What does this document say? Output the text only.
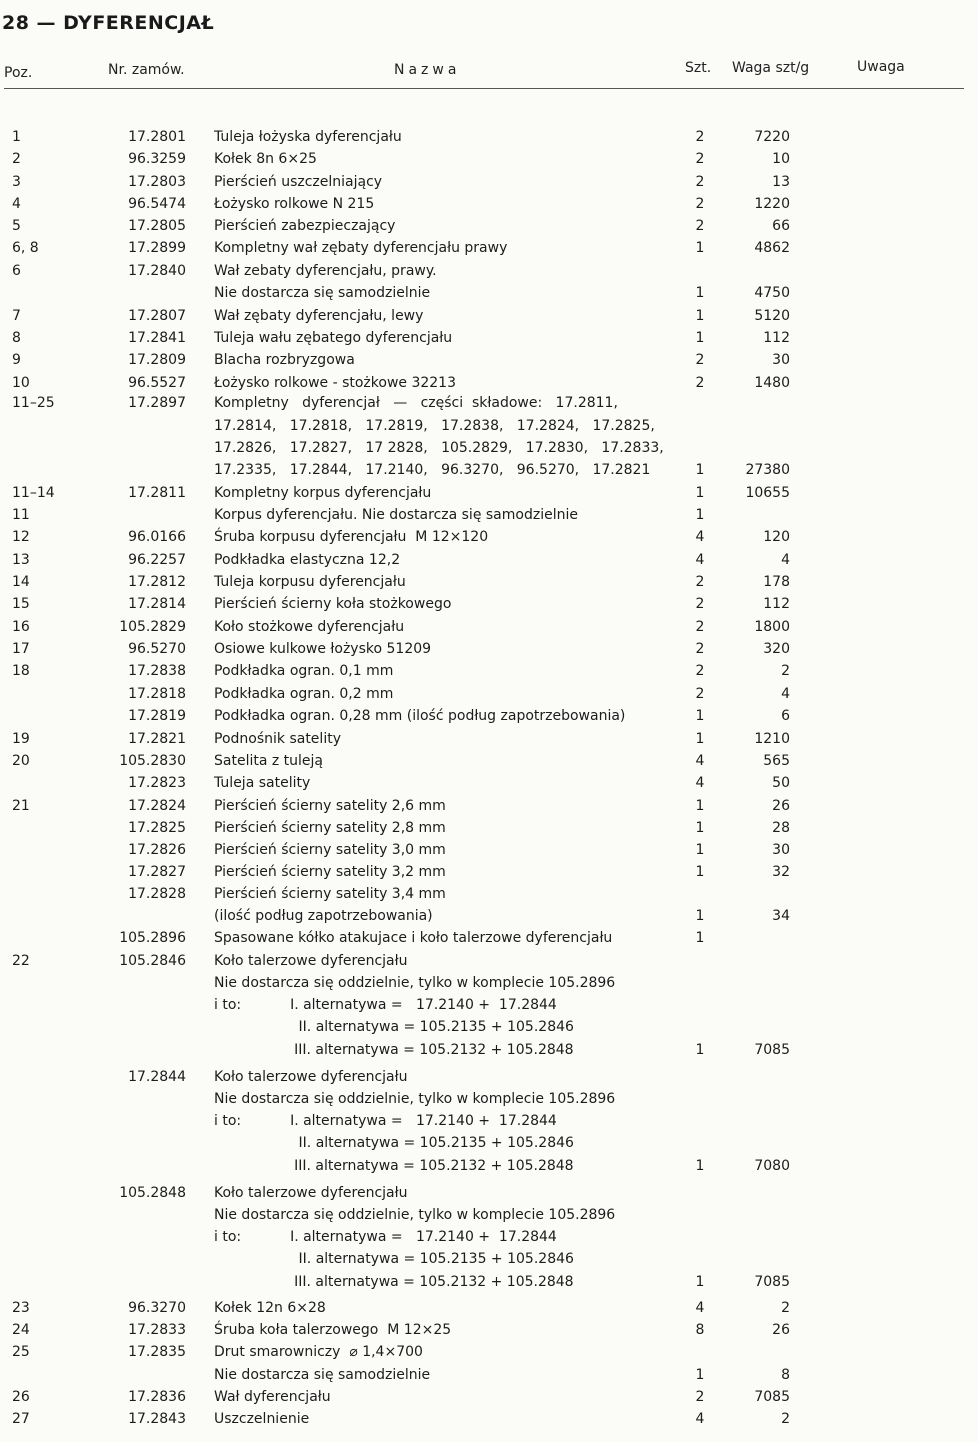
28 — DYFERENCJAŁ
Poz.	Nr. zamów.	Nazwa	Szt. Waga szt/g	Uwaga
1	17.2801 Tuleja łożyska dyferencjału	2	7220
2	96.3259 Kołek 8n 6×25	2	10
3	17.2803 Pierścień uszczelniający	2	13
4	96.5474 Łożysko rolkowe N 215	2	1220
5	17.2805 Pierścień zabezpieczający	2	66
6, 8	17.2899 Kompletny wał zębaty dyferencjału prawy	1	4862
6	17.2840 Wał zebaty dyferencjału, prawy.
Nie dostarcza się samodzielnie	1	4750
7	17.2807 Wał zębaty dyferencjału, lewy	1	5120
8	17.2841 Tuleja wału zębatego dyferencjału	1	112
9	17.2809 Blacha rozbryzgowa	2	30
10	96.5527 Łożysko rolkowe - stożkowe 32213	2	1480
11–25	17.2897 Kompletny   dyferencjał   —   części  składowe:   17.2811,
17.2814,   17.2818,   17.2819,   17.2838,   17.2824,   17.2825,
17.2826,   17.2827,   17 2828,   105.2829,   17.2830,   17.2833,
17.2335,   17.2844,   17.2140,   96.3270,   96.5270,   17.2821	1	27380
11–14	17.2811 Kompletny korpus dyferencjału	1	10655
11	Korpus dyferencjału. Nie dostarcza się samodzielnie	1
12	96.0166 Śruba korpusu dyferencjału  M 12×120	4	120
13	96.2257 Podkładka elastyczna 12,2	4	4
14	17.2812 Tuleja korpusu dyferencjału	2	178
15	17.2814 Pierścień ścierny koła stożkowego	2	112
16	105.2829 Koło stożkowe dyferencjału	2	1800
17	96.5270 Osiowe kulkowe łożysko 51209	2	320
18	17.2838 Podkładka ogran. 0,1 mm	2	2
17.2818 Podkładka ogran. 0,2 mm	2	4
17.2819 Podkładka ogran. 0,28 mm (ilość podług zapotrzebowania)	1	6
19	17.2821 Podnośnik satelity	1	1210
20	105.2830 Satelita z tuleją	4	565
17.2823 Tuleja satelity	4	50
21	17.2824 Pierścień ścierny satelity 2,6 mm	1	26
17.2825 Pierścień ścierny satelity 2,8 mm	1	28
17.2826 Pierścień ścierny satelity 3,0 mm	1	30
17.2827 Pierścień ścierny satelity 3,2 mm	1	32
17.2828 Pierścień ścierny satelity 3,4 mm
(ilość podług zapotrzebowania)	1	34
105.2896 Spasowane kółko atakujace i koło talerzowe dyferencjału	1
22	105.2846 Koło talerzowe dyferencjału
Nie dostarcza się oddzielnie, tylko w komplecie 105.2896
i to:           I. alternatywa =   17.2140 +  17.2844
II. alternatywa = 105.2135 + 105.2846
III. alternatywa = 105.2132 + 105.2848	1	7085
17.2844 Koło talerzowe dyferencjału
Nie dostarcza się oddzielnie, tylko w komplecie 105.2896
i to:           I. alternatywa =   17.2140 +  17.2844
II. alternatywa = 105.2135 + 105.2846
III. alternatywa = 105.2132 + 105.2848	1	7080
105.2848 Koło talerzowe dyferencjału
Nie dostarcza się oddzielnie, tylko w komplecie 105.2896
i to:           I. alternatywa =   17.2140 +  17.2844
II. alternatywa = 105.2135 + 105.2846
III. alternatywa = 105.2132 + 105.2848	1	7085
23	96.3270 Kołek 12n 6×28	4	2
24	17.2833 Śruba koła talerzowego  M 12×25	8	26
25	17.2835 Drut smarowniczy  ⌀ 1,4×700
Nie dostarcza się samodzielnie	1	8
26	17.2836 Wał dyferencjału	2	7085
27	17.2843 Uszczelnienie	4	2
